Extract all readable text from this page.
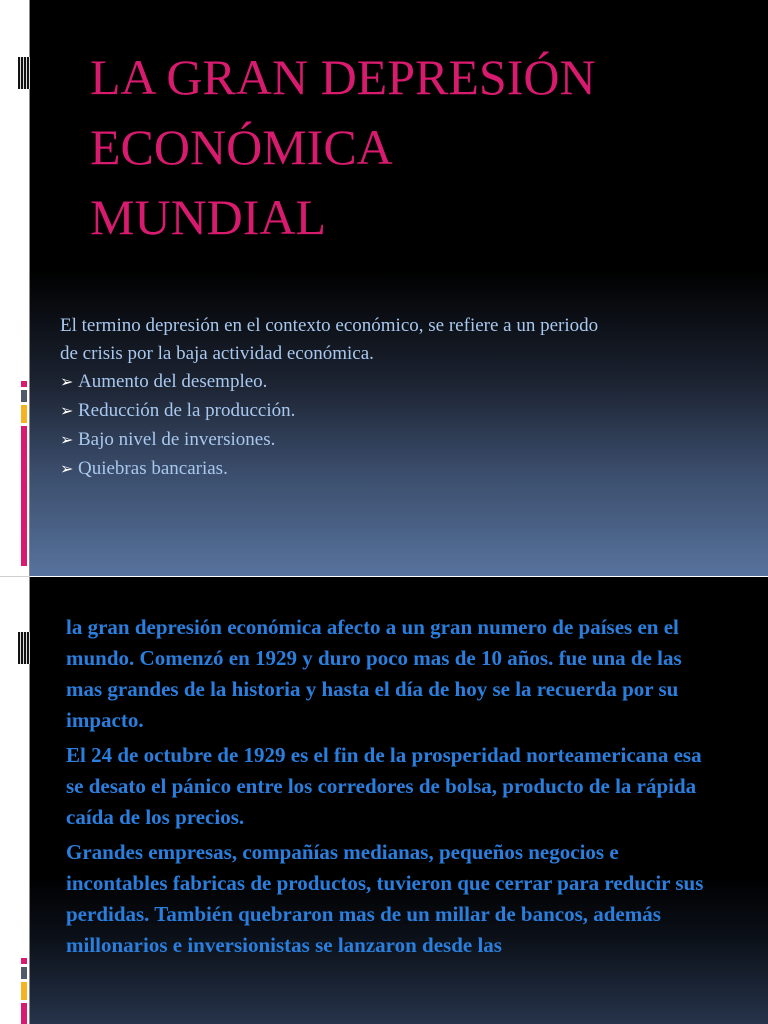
LA GRAN DEPRESIÓN
ECONÓMICA
MUNDIAL
El termino depresión en el contexto económico, se refiere a un periodo
de crisis por la baja actividad económica.
➢ Aumento del desempleo.
➢ Reducción de la producción.
➢ Bajo nivel de inversiones.
➢ Quiebras bancarias.

la gran depresión económica afecto a un gran numero de países en el mundo. Comenzó en 1929 y duro poco mas de 10 años. fue una de las mas grandes de la historia y hasta el día de hoy se la recuerda por su impacto.

El 24 de octubre de 1929 es el fin de la prosperidad norteamericana esa se desato el pánico entre los corredores de bolsa, producto de la rápida caída de los precios.

Grandes empresas, compañías medianas, pequeños negocios e incontables fabricas de productos, tuvieron que cerrar para reducir sus perdidas. También quebraron mas de un millar de bancos, además millonarios e inversionistas se lanzaron desde las
